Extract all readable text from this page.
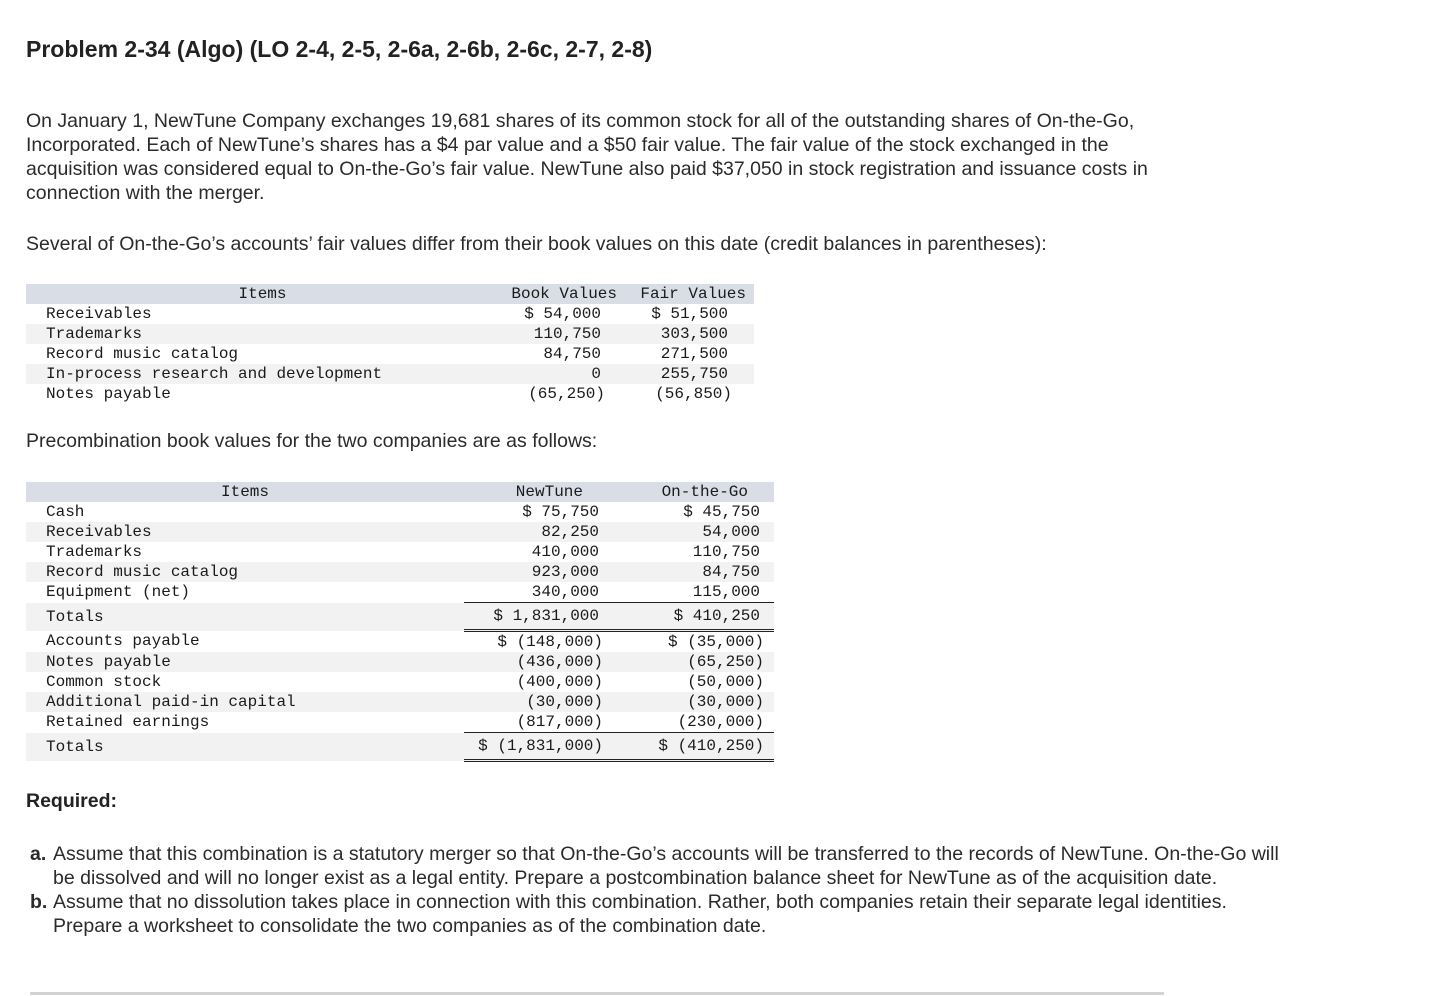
Problem 2-34 (Algo) (LO 2-4, 2-5, 2-6a, 2-6b, 2-6c, 2-7, 2-8)
On January 1, NewTune Company exchanges 19,681 shares of its common stock for all of the outstanding shares of On-the-Go,
Incorporated. Each of NewTune’s shares has a $4 par value and a $50 fair value. The fair value of the stock exchanged in the
acquisition was considered equal to On-the-Go’s fair value. NewTune also paid $37,050 in stock registration and issuance costs in
connection with the merger.

Several of On-the-Go’s accounts’ fair values differ from their book values on this date (credit balances in parentheses):

Items	Book Values	Fair Values
Receivables	$ 54,000	$ 51,500
Trademarks	110,750	303,500
Record music catalog	84,750	271,500
In-process research and development	0	255,750
Notes payable	(65,250)	(56,850)

Precombination book values for the two companies are as follows:

Items	NewTune	On-the-Go
Cash	$ 75,750	$ 45,750
Receivables	82,250	54,000
Trademarks	410,000	110,750
Record music catalog	923,000	84,750
Equipment (net)	340,000	115,000
Totals	$ 1,831,000	$ 410,250
Accounts payable	$ (148,000)	$ (35,000)
Notes payable	(436,000)	(65,250)
Common stock	(400,000)	(50,000)
Additional paid-in capital	(30,000)	(30,000)
Retained earnings	(817,000)	(230,000)
Totals	$ (1,831,000)	$ (410,250)

Required:

a. Assume that this combination is a statutory merger so that On-the-Go’s accounts will be transferred to the records of NewTune. On-the-Go will be dissolved and will no longer exist as a legal entity. Prepare a postcombination balance sheet for NewTune as of the acquisition date.
b. Assume that no dissolution takes place in connection with this combination. Rather, both companies retain their separate legal identities. Prepare a worksheet to consolidate the two companies as of the combination date.
